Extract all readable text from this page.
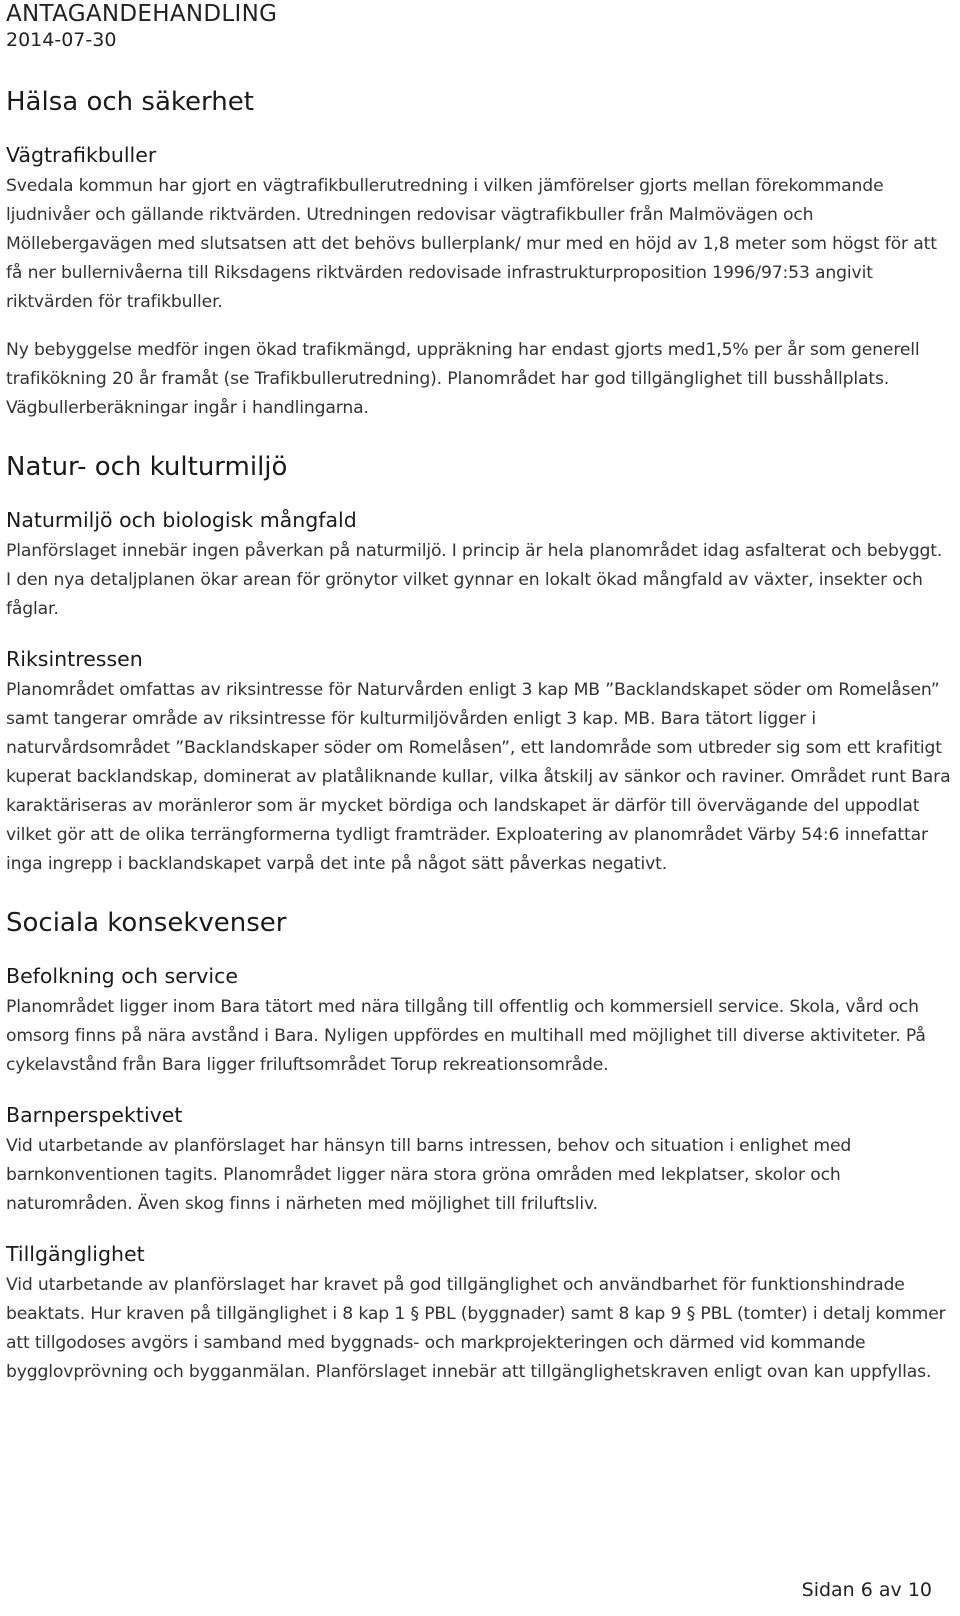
ANTAGANDEHANDLING
2014-07-30
Hälsa och säkerhet
Vägtrafikbuller

Svedala kommun har gjort en vägtrafikbullerutredning i vilken jämförelser gjorts mellan förekommande ljudnivåer och gällande riktvärden. Utredningen redovisar vägtrafikbuller från Malmövägen och Möllebergavägen med slutsatsen att det behövs bullerplank/ mur med en höjd av 1,8 meter som högst för att få ner bullernivåerna till Riksdagens riktvärden redovisade infrastrukturproposition 1996/97:53 angivit riktvärden för trafikbuller.

Ny bebyggelse medför ingen ökad trafikmängd, uppräkning har endast gjorts med1,5% per år som generell trafikökning 20 år framåt (se Trafikbullerutredning). Planområdet har god tillgänglighet till busshållplats. Vägbullerberäkningar ingår i handlingarna.

Natur- och kulturmiljö
Naturmiljö och biologisk mångfald

Planförslaget innebär ingen påverkan på naturmiljö. I princip är hela planområdet idag asfalterat och bebyggt. I den nya detaljplanen ökar arean för grönytor vilket gynnar en lokalt ökad mångfald av växter, insekter och fåglar.

Riksintressen

Planområdet omfattas av riksintresse för Naturvården enligt 3 kap MB ”Backlandskapet söder om Romelåsen” samt tangerar område av riksintresse för kulturmiljövården enligt 3 kap. MB. Bara tätort ligger i naturvårdsområdet ”Backlandskaper söder om Romelåsen”, ett landområde som utbreder sig som ett krafitigt kuperat backlandskap, dominerat av platåliknande kullar, vilka åtskilj av sänkor och raviner. Området runt Bara karaktäriseras av moränleror som är mycket bördiga och landskapet är därför till övervägande del uppodlat vilket gör att de olika terrängformerna tydligt framträder. Exploatering av planområdet Värby 54:6 innefattar inga ingrepp i backlandskapet varpå det inte på något sätt påverkas negativt.

Sociala konsekvenser
Befolkning och service

Planområdet ligger inom Bara tätort med nära tillgång till offentlig och kommersiell service. Skola, vård och omsorg finns på nära avstånd i Bara. Nyligen uppfördes en multihall med möjlighet till diverse aktiviteter. På cykelavstånd från Bara ligger friluftsområdet Torup rekreationsområde.

Barnperspektivet

Vid utarbetande av planförslaget har hänsyn till barns intressen, behov och situation i enlighet med barnkonventionen tagits. Planområdet ligger nära stora gröna områden med lekplatser, skolor och naturområden. Även skog finns i närheten med möjlighet till friluftsliv.

Tillgänglighet

Vid utarbetande av planförslaget har kravet på god tillgänglighet och användbarhet för funktionshindrade beaktats. Hur kraven på tillgänglighet i 8 kap 1 § PBL (byggnader) samt 8 kap 9 § PBL (tomter) i detalj kommer att tillgodoses avgörs i samband med byggnads- och markprojekteringen och därmed vid kommande bygglovprövning och bygganmälan. Planförslaget innebär att tillgänglighetskraven enligt ovan kan uppfyllas.

Sidan 6 av 10
